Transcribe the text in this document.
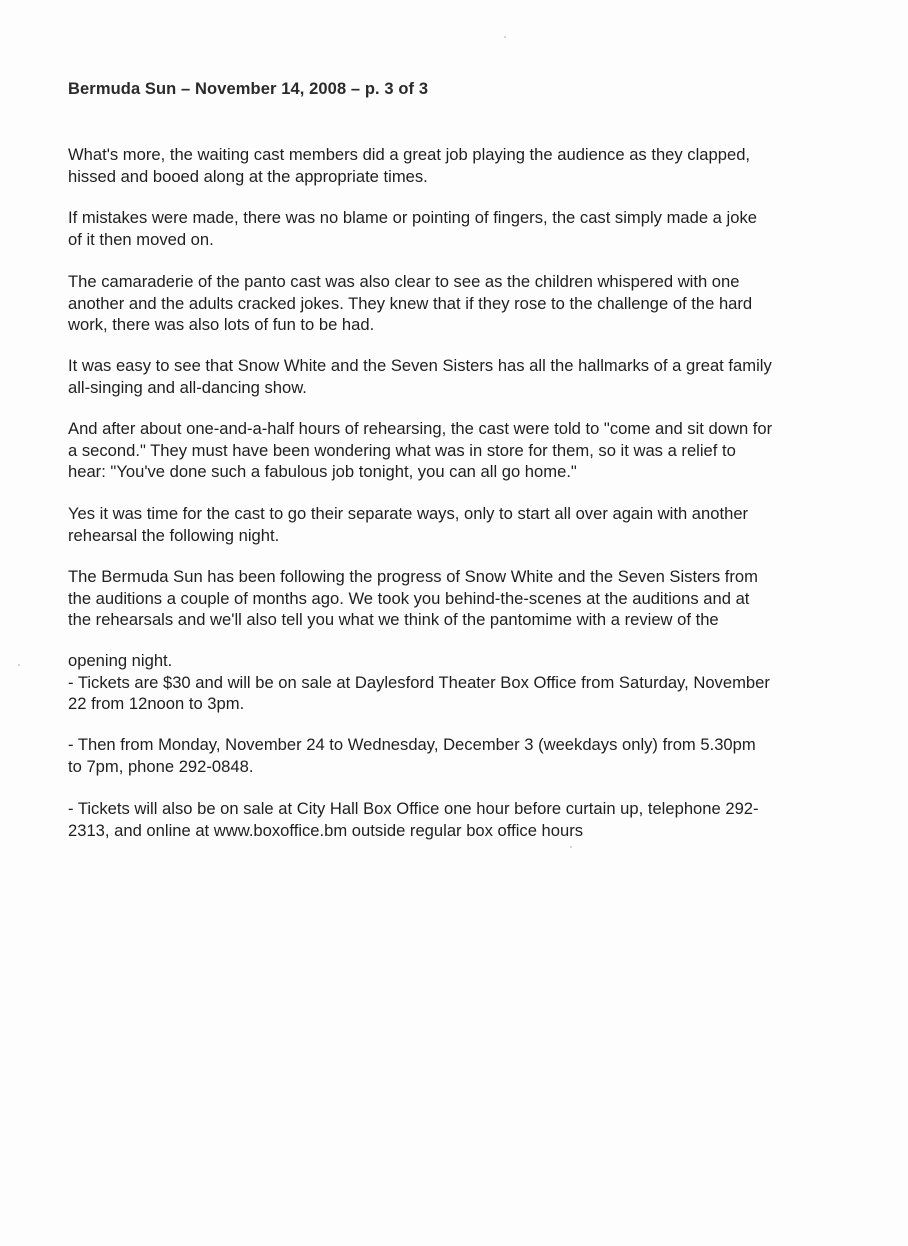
Bermuda Sun – November 14, 2008 – p. 3 of 3

What's more, the waiting cast members did a great job playing the audience as they clapped,
hissed and booed along at the appropriate times.

If mistakes were made, there was no blame or pointing of fingers, the cast simply made a joke
of it then moved on.

The camaraderie of the panto cast was also clear to see as the children whispered with one
another and the adults cracked jokes. They knew that if they rose to the challenge of the hard
work, there was also lots of fun to be had.

It was easy to see that Snow White and the Seven Sisters has all the hallmarks of a great family
all-singing and all-dancing show.

And after about one-and-a-half hours of rehearsing, the cast were told to "come and sit down for
a second." They must have been wondering what was in store for them, so it was a relief to
hear: "You've done such a fabulous job tonight, you can all go home."

Yes it was time for the cast to go their separate ways, only to start all over again with another
rehearsal the following night.

The Bermuda Sun has been following the progress of Snow White and the Seven Sisters from
the auditions a couple of months ago. We took you behind-the-scenes at the auditions and at
the rehearsals and we'll also tell you what we think of the pantomime with a review of the

opening night.
- Tickets are $30 and will be on sale at Daylesford Theater Box Office from Saturday, November
22 from 12noon to 3pm.

- Then from Monday, November 24 to Wednesday, December 3 (weekdays only) from 5.30pm
to 7pm, phone 292-0848.

- Tickets will also be on sale at City Hall Box Office one hour before curtain up, telephone 292-
2313, and online at www.boxoffice.bm outside regular box office hours
